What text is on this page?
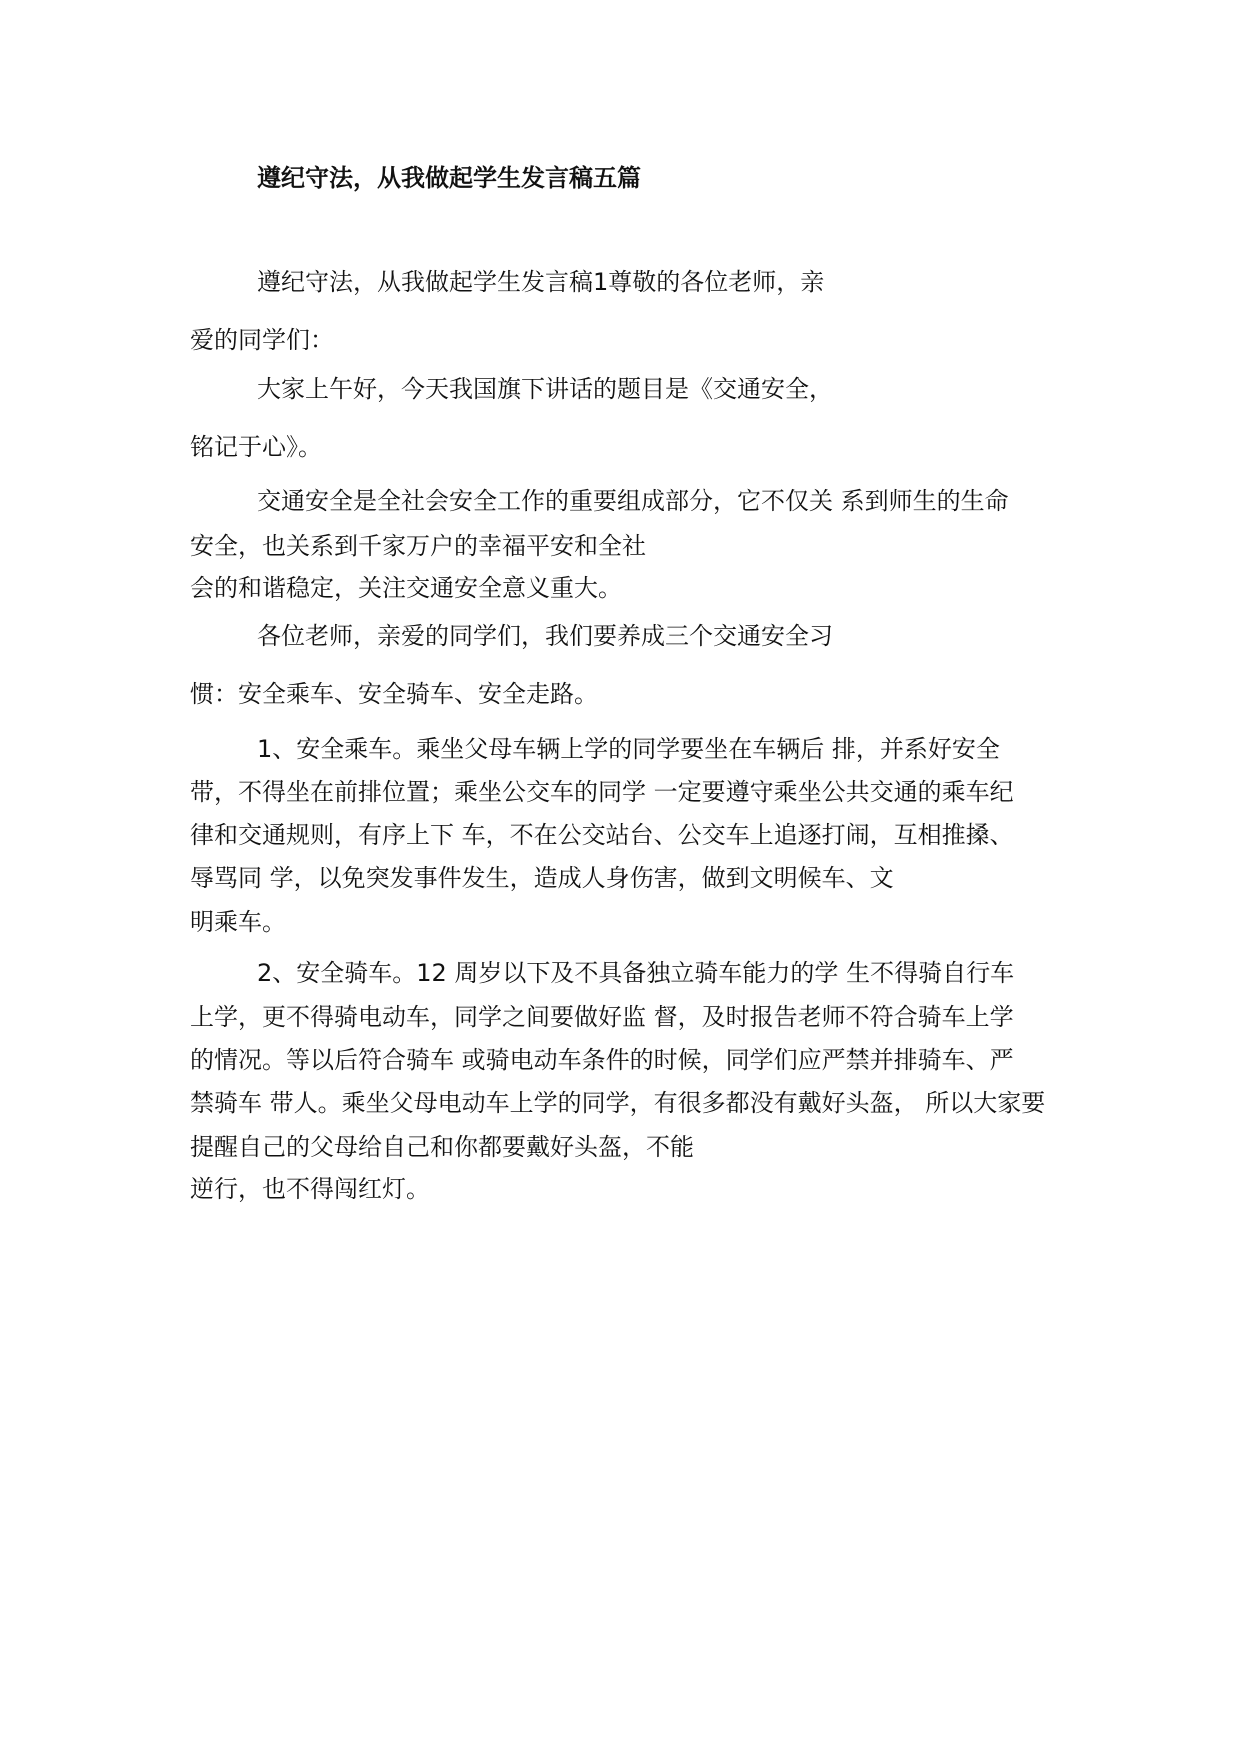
遵纪守法，从我做起学生发言稿五篇
遵纪守法，从我做起学生发言稿1尊敬的各位老师，亲
爱的同学们：
大家上午好，今天我国旗下讲话的题目是《交通安全，
铭记于心》。
交通安全是全社会安全工作的重要组成部分，它不仅关 系到师生的生命
安全，也关系到千家万户的幸福平安和全社
会的和谐稳定，关注交通安全意义重大。
各位老师，亲爱的同学们，我们要养成三个交通安全习
惯：安全乘车、安全骑车、安全走路。
1、安全乘车。乘坐父母车辆上学的同学要坐在车辆后 排，并系好安全
带，不得坐在前排位置；乘坐公交车的同学 一定要遵守乘坐公共交通的乘车纪
律和交通规则，有序上下 车，不在公交站台、公交车上追逐打闹，互相推搡、
辱骂同 学，以免突发事件发生，造成人身伤害，做到文明候车、文
明乘车。
2、安全骑车。12 周岁以下及不具备独立骑车能力的学 生不得骑自行车
上学，更不得骑电动车，同学之间要做好监 督，及时报告老师不符合骑车上学
的情况。等以后符合骑车 或骑电动车条件的时候，同学们应严禁并排骑车、严
禁骑车 带人。乘坐父母电动车上学的同学，有很多都没有戴好头盔， 所以大家要
提醒自己的父母给自己和你都要戴好头盔，不能
逆行，也不得闯红灯。
